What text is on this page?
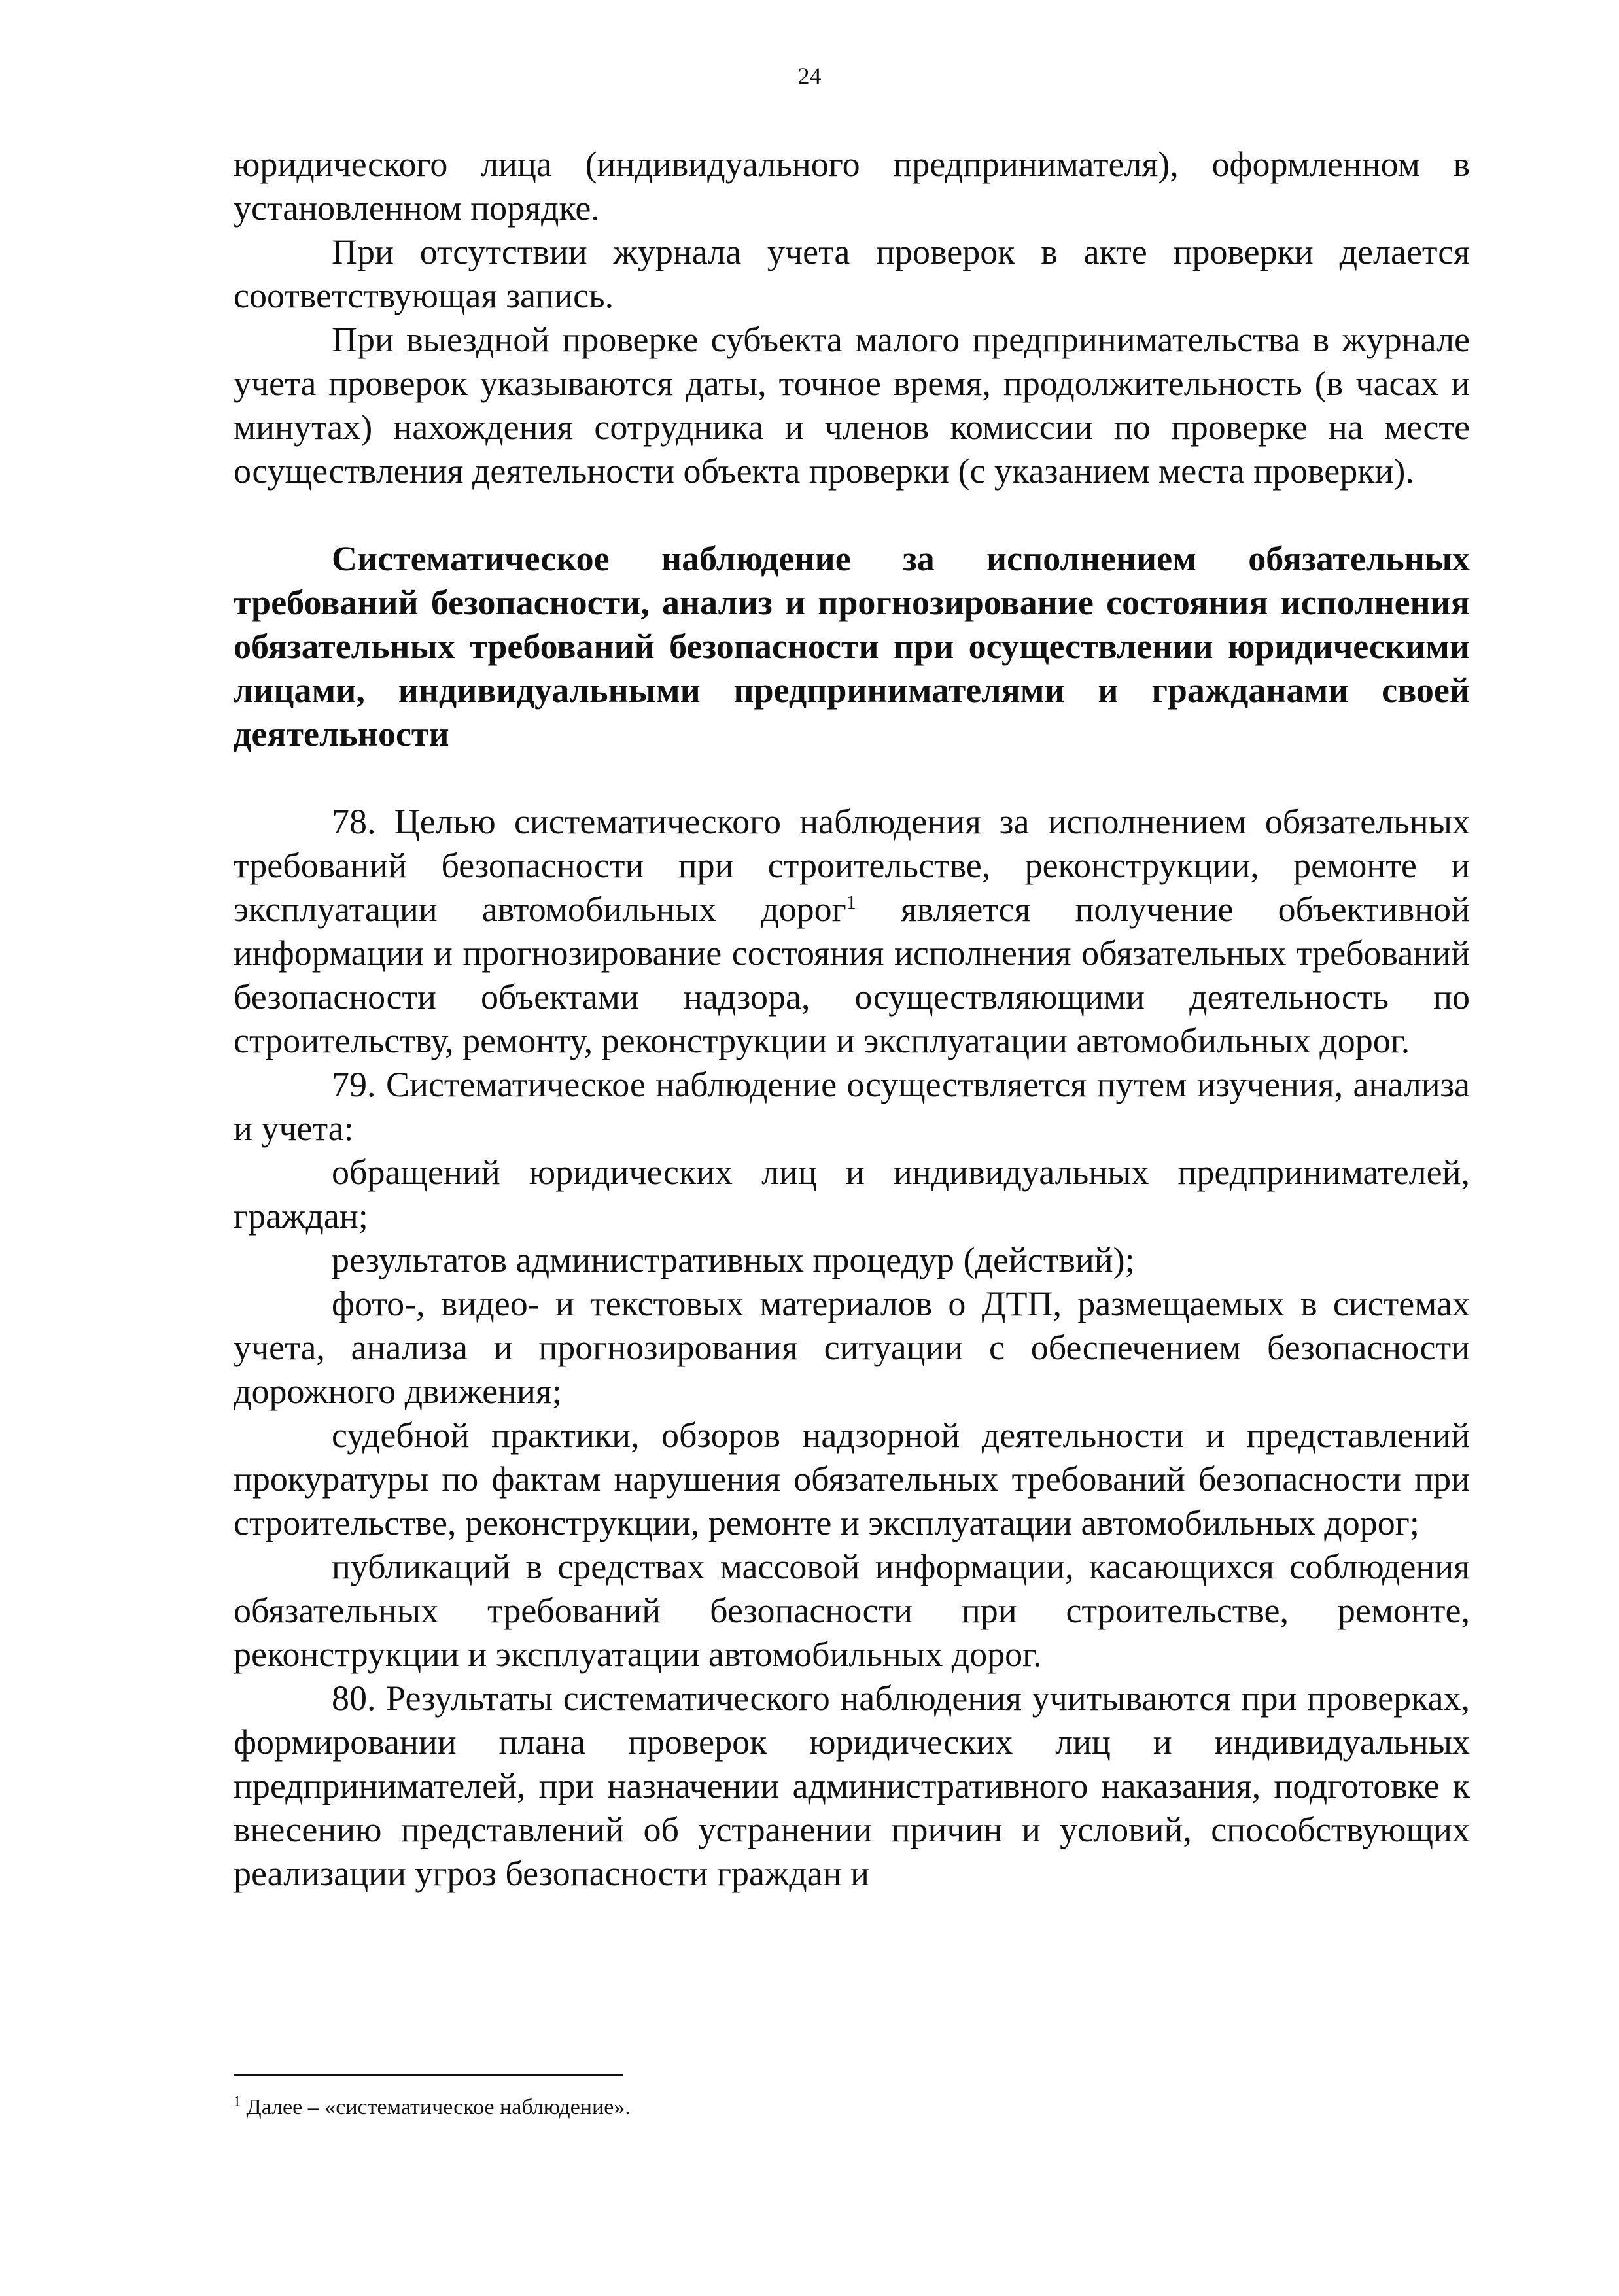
24

юридического лица (индивидуального предпринимателя), оформленном в установленном порядке.

При отсутствии журнала учета проверок в акте проверки делается соответствующая запись.

При выездной проверке субъекта малого предпринимательства в журнале учета проверок указываются даты, точное время, продолжительность (в часах и минутах) нахождения сотрудника и членов комиссии по проверке на месте осуществления деятельности объекта проверки (с указанием места проверки).

Систематическое наблюдение за исполнением обязательных требований безопасности, анализ и прогнозирование состояния исполнения обязательных требований безопасности при осуществлении юридическими лицами, индивидуальными предпринимателями и гражданами своей деятельности

78. Целью систематического наблюдения за исполнением обязательных требований безопасности при строительстве, реконструкции, ремонте и эксплуатации автомобильных дорог$^1$ является получение объективной информации и прогнозирование состояния исполнения обязательных требований безопасности объектами надзора, осуществляющими деятельность по строительству, ремонту, реконструкции и эксплуатации автомобильных дорог.

79. Систематическое наблюдение осуществляется путем изучения, анализа и учета:

обращений юридических лиц и индивидуальных предпринимателей, граждан;

результатов административных процедур (действий);

фото-, видео- и текстовых материалов о ДТП, размещаемых в системах учета, анализа и прогнозирования ситуации с обеспечением безопасности дорожного движения;

судебной практики, обзоров надзорной деятельности и представлений прокуратуры по фактам нарушения обязательных требований безопасности при строительстве, реконструкции, ремонте и эксплуатации автомобильных дорог;

публикаций в средствах массовой информации, касающихся соблюдения обязательных требований безопасности при строительстве, ремонте, реконструкции и эксплуатации автомобильных дорог.

80. Результаты систематического наблюдения учитываются при проверках, формировании плана проверок юридических лиц и индивидуальных предпринимателей, при назначении административного наказания, подготовке к внесению представлений об устранении причин и условий, способствующих реализации угроз безопасности граждан и

$^1$ Далее – «систематическое наблюдение».
